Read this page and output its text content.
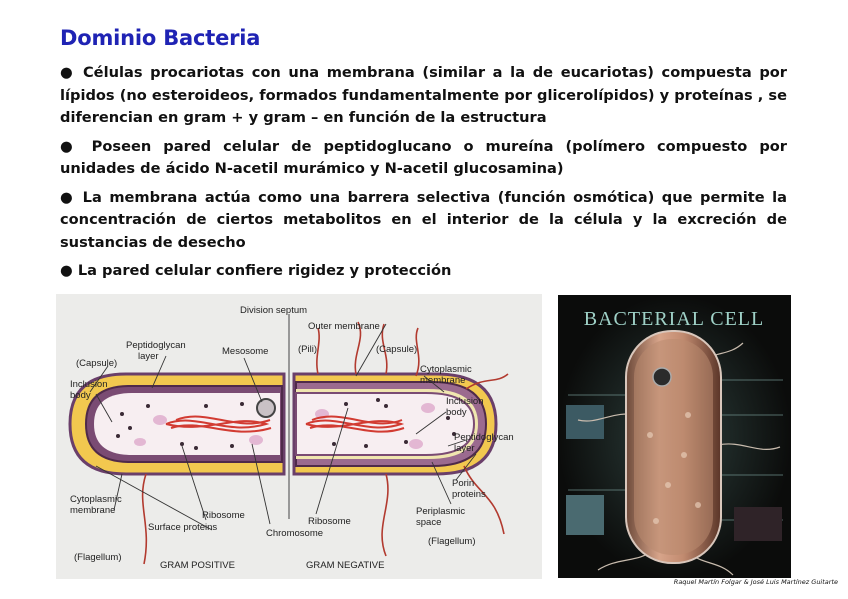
Dominio Bacteria

● Células procariotas con una membrana (similar a la de eucariotas) compuesta por lípidos (no esteroideos, formados fundamentalmente por glicerolípidos) y proteínas , se diferencian en gram + y gram – en función de la estructura

● Poseen pared celular de peptidoglucano o mureína (polímero compuesto por unidades de ácido N-acetil murámico y N-acetil glucosamina)

● La membrana actúa como una barrera selectiva (función osmótica) que permite la concentración de ciertos metabolitos en el interior de la célula y la excreción de sustancias de desecho

● La pared celular confiere rigidez y protección

Division septum
Outer membrane
Peptidoglycan layer	Mesosome	(Pili)
(Capsule)
(Capsule)
Inclusion body
Cytoplasmic membrane
Inclusion body
Peptidoglycan layer
Porin proteins
Cytoplasmic membrane	Ribosome
Ribosome
Periplasmic space
Surface proteins
Chromosome
(Flagellum)
(Flagellum)
GRAM POSITIVE	GRAM NEGATIVE
BACTERIAL CELL
Raquel Martín Folgar & José Luis Martínez Guitarte
